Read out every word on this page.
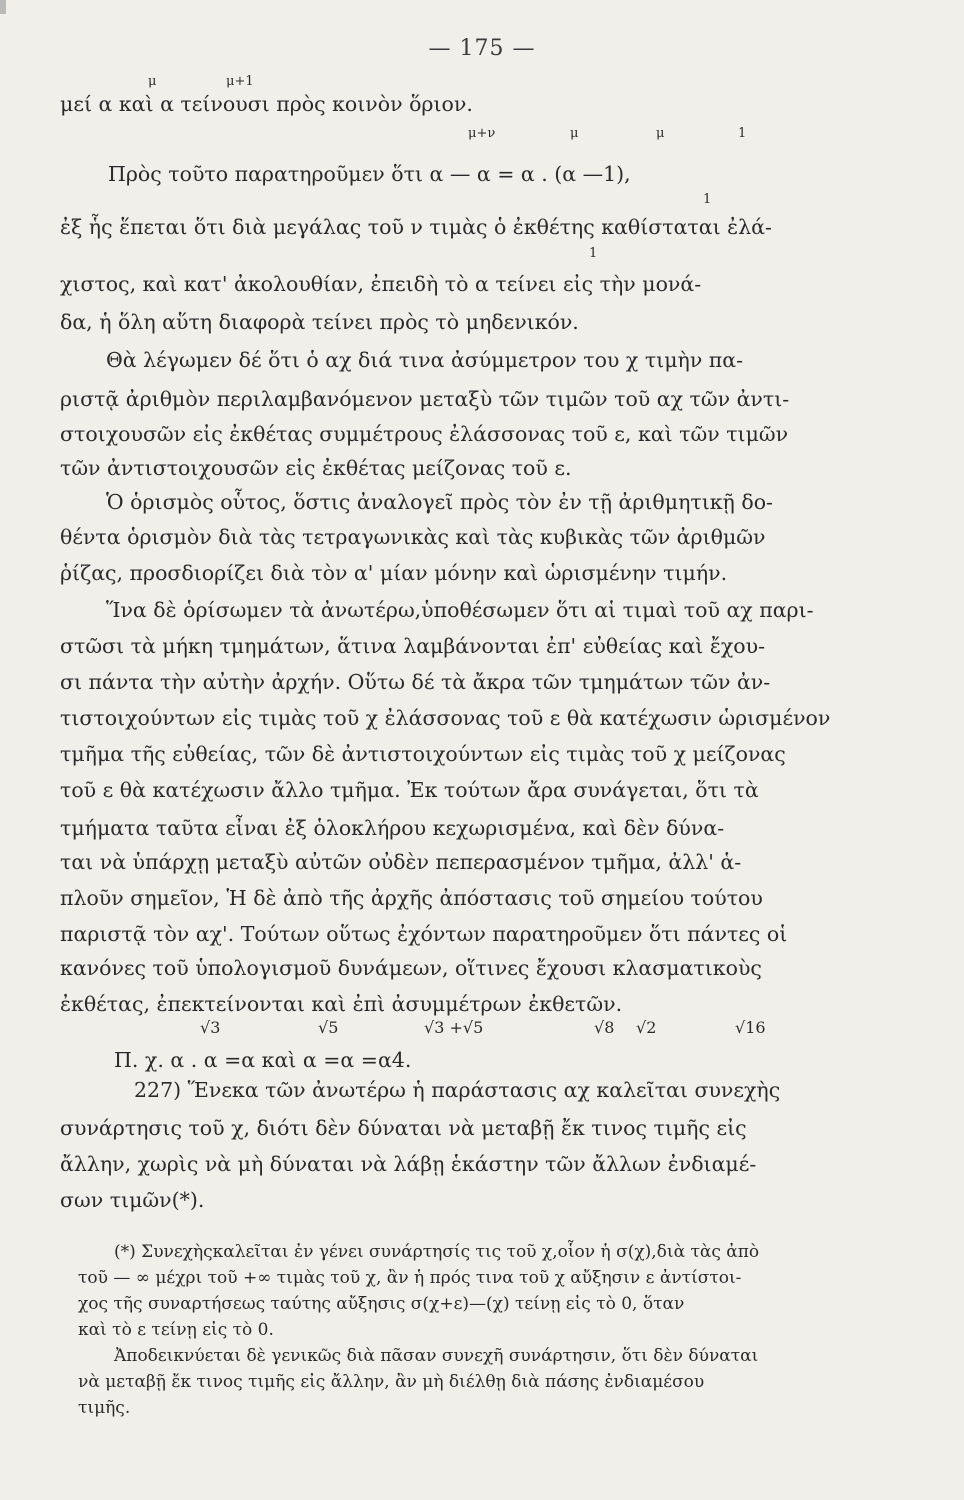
— 175 —
μ	μ+1
μεί α καὶ α τείνουσι πρὸς κοινὸν ὅριον.
μ+ν	μ	μ	1
Πρὸς τοῦτο παρατηροῦμεν ὅτι α — α = α . (α —1),
1
ἐξ ἧς ἕπεται ὅτι διὰ μεγάλας τοῦ ν τιμὰς ὁ ἐκθέτης καθίσταται ἐλά-
1
χιστος, καὶ κατ' ἀκολουθίαν, ἐπειδὴ τὸ α τείνει εἰς τὴν μονά-
δα, ἡ ὅλη αὕτη διαφορὰ τείνει πρὸς τὸ μηδενικόν.
Θὰ λέγωμεν δέ ὅτι ὁ αχ διά τινα ἀσύμμετρον του χ τιμὴν πα-
ριστᾷ ἀριθμὸν περιλαμβανόμενον μεταξὺ τῶν τιμῶν τοῦ αχ τῶν ἀντι-
στοιχουσῶν εἰς ἐκθέτας συμμέτρους ἐλάσσονας τοῦ ε, καὶ τῶν τιμῶν
τῶν ἀντιστοιχουσῶν εἰς ἐκθέτας μείζονας τοῦ ε.
Ὁ ὁρισμὸς οὗτος, ὅστις ἀναλογεῖ πρὸς τὸν ἐν τῇ ἀριθμητικῇ δο-
θέντα ὁρισμὸν διὰ τὰς τετραγωνικὰς καὶ τὰς κυβικὰς τῶν ἀριθμῶν
ῥίζας, προσδιορίζει διὰ τὸν α' μίαν μόνην καὶ ὡρισμένην τιμήν.
Ἵνα δὲ ὁρίσωμεν τὰ ἀνωτέρω,ὑποθέσωμεν ὅτι αἱ τιμαὶ τοῦ αχ παρι-
στῶσι τὰ μήκη τμημάτων, ἅτινα λαμβάνονται ἐπ' εὐθείας καὶ ἔχου-
σι πάντα τὴν αὐτὴν ἀρχήν. Οὕτω δέ τὰ ἄκρα τῶν τμημάτων τῶν ἀν-
τιστοιχούντων εἰς τιμὰς τοῦ χ ἐλάσσονας τοῦ ε θὰ κατέχωσιν ὡρισμένον
τμῆμα τῆς εὐθείας, τῶν δὲ ἀντιστοιχούντων εἰς τιμὰς τοῦ χ μείζονας
τοῦ ε θὰ κατέχωσιν ἄλλο τμῆμα. Ἐκ τούτων ἄρα συνάγεται, ὅτι τὰ
τμήματα ταῦτα εἶναι ἐξ ὁλοκλήρου κεχωρισμένα, καὶ δὲν δύνα-
ται νὰ ὑπάρχῃ μεταξὺ αὐτῶν οὐδὲν πεπερασμένον τμῆμα, ἀλλ' ἁ-
πλοῦν σημεῖον, Ἡ δὲ ἀπὸ τῆς ἀρχῆς ἀπόστασις τοῦ σημείου τούτου
παριστᾷ τὸν αχ'. Τούτων οὕτως ἐχόντων παρατηροῦμεν ὅτι πάντες οἱ
κανόνες τοῦ ὑπολογισμοῦ δυνάμεων, οἵτινες ἔχουσι κλασματικοὺς
ἐκθέτας, ἐπεκτείνονται καὶ ἐπὶ ἀσυμμέτρων ἐκθετῶν.
√3	√5	√3 +√5	√8 √2	√16
Π. χ. α . α =α καὶ α =α =α4.
227) Ἕνεκα τῶν ἀνωτέρω ἡ παράστασις αχ καλεῖται συνεχὴς
συνάρτησις τοῦ χ, διότι δὲν δύναται νὰ μεταβῇ ἔκ τινος τιμῆς εἰς
ἄλλην, χωρὶς νὰ μὴ δύναται νὰ λάβῃ ἑκάστην τῶν ἄλλων ἐνδιαμέ-
σων τιμῶν(*).
(*) Συνεχὴςκαλεῖται ἐν γένει συνάρτησίς τις τοῦ χ,οἷον ἡ σ(χ),διὰ τὰς ἀπὸ
τοῦ — ∞ μέχρι τοῦ +∞ τιμὰς τοῦ χ, ἂν ἡ πρός τινα τοῦ χ αὔξησιν ε ἀντίστοι-
χος τῆς συναρτήσεως ταύτης αὔξησις σ(χ+ε)—(χ) τείνῃ εἰς τὸ 0, ὅταν
καὶ τὸ ε τείνῃ εἰς τὸ 0.
Ἀποδεικνύεται δὲ γενικῶς διὰ πᾶσαν συνεχῆ συνάρτησιν, ὅτι δὲν δύναται
νὰ μεταβῇ ἔκ τινος τιμῆς εἰς ἄλλην, ἂν μὴ διέλθῃ διὰ πάσης ἐνδιαμέσου
τιμῆς.
